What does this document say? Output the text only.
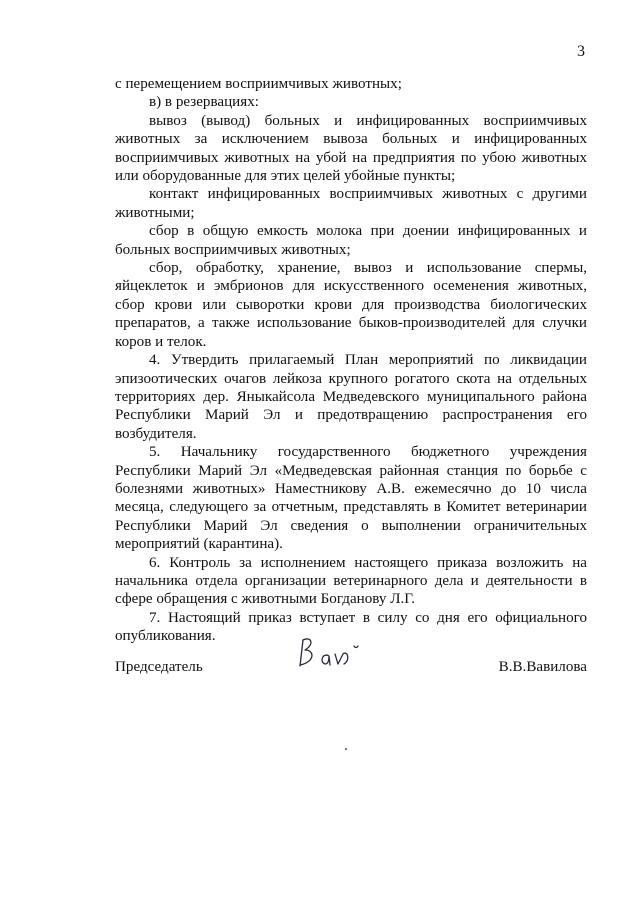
3

с перемещением восприимчивых животных;

в) в резервациях:

вывоз (вывод) больных и инфицированных восприимчивых животных за исключением вывоза больных и инфицированных восприимчивых животных на убой на предприятия по убою животных или оборудованные для этих целей убойные пункты;

контакт инфицированных восприимчивых животных с другими животными;

сбор в общую емкость молока при доении инфицированных и больных восприимчивых животных;

сбор, обработку, хранение, вывоз и использование спермы, яйцеклеток и эмбрионов для искусственного осеменения животных, сбор крови или сыворотки крови для производства биологических препаратов, а также использование быков-производителей для случки коров и телок.

4. Утвердить прилагаемый План мероприятий по ликвидации эпизоотических очагов лейкоза крупного рогатого скота на отдельных территориях дер. Яныкайсола Медведевского муниципального района Республики Марий Эл и предотвращению распространения его возбудителя.

5. Начальнику государственного бюджетного учреждения Республики Марий Эл «Медведевская районная станция по борьбе с болезнями животных» Наместникову А.В. ежемесячно до 10 числа месяца, следующего за отчетным, представлять в Комитет ветеринарии Республики Марий Эл сведения о выполнении ограничительных мероприятий (карантина).

6. Контроль за исполнением настоящего приказа возложить на начальника отдела организации ветеринарного дела и деятельности в сфере обращения с животными Богданову Л.Г.

7. Настоящий приказ вступает в силу со дня его официального опубликования.

Председатель	В.В.Вавилова
